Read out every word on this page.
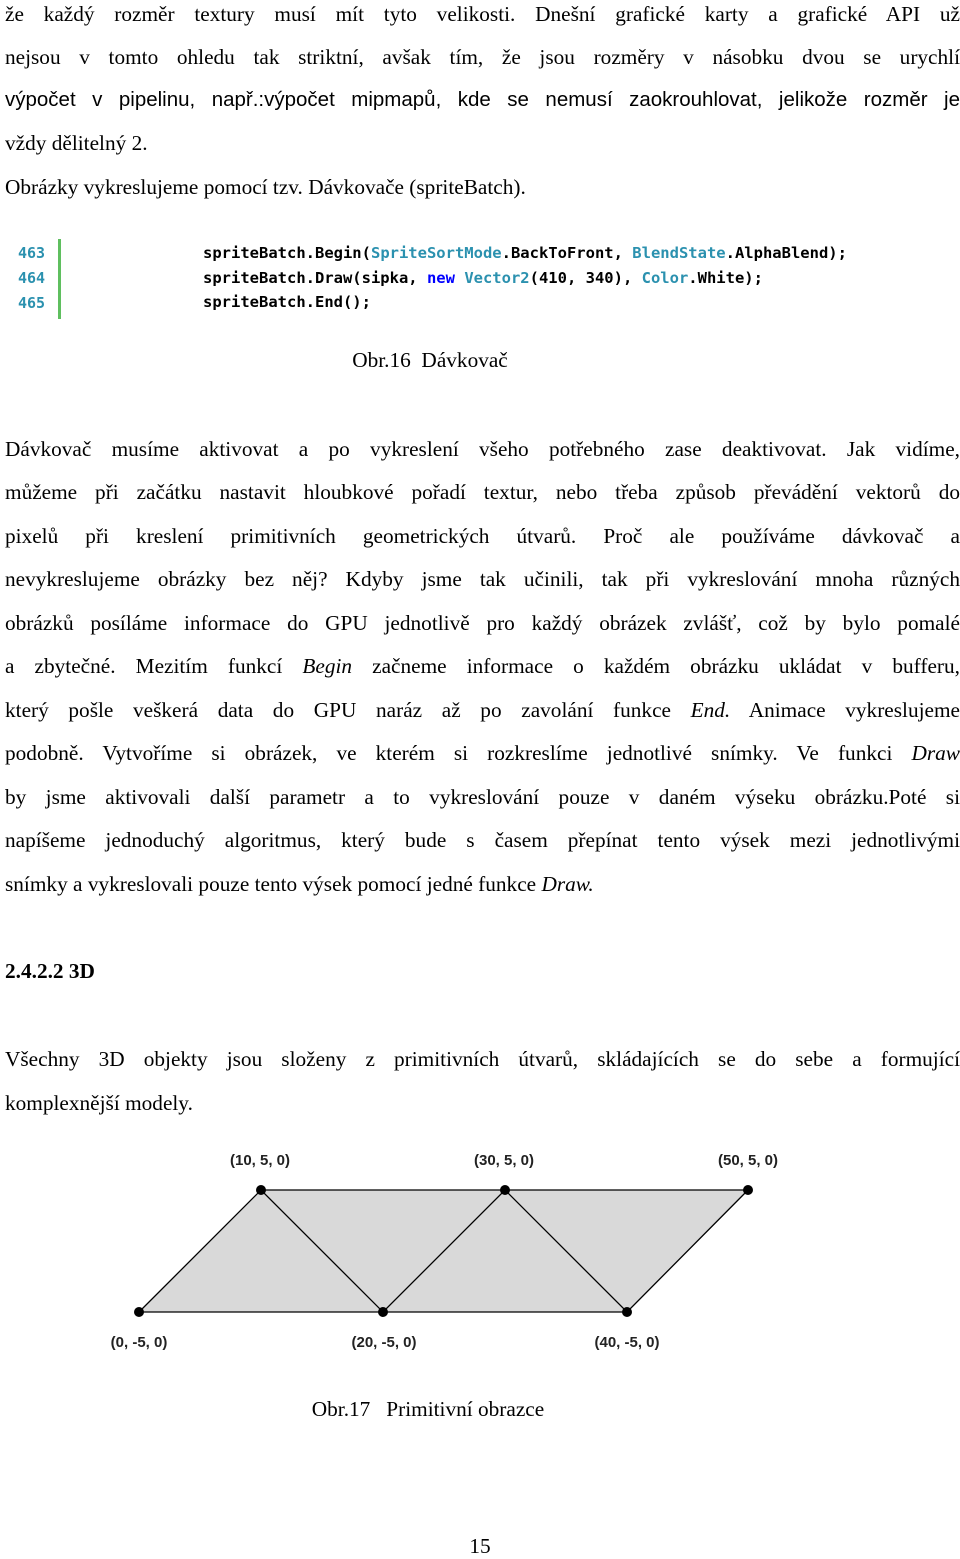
že každý rozměr textury musí mít tyto velikosti. Dnešní grafické karty a grafické API už
nejsou v tomto ohledu tak striktní, avšak tím, že jsou rozměry v násobku dvou se urychlí
výpočet v pipelinu, např.:výpočet mipmapů, kde se nemusí zaokrouhlovat, jelikože rozměr je
vždy dělitelný 2.
Obrázky vykreslujeme pomocí tzv. Dávkovače (spriteBatch).
463
464
465
spriteBatch.Begin(SpriteSortMode.BackToFront, BlendState.AlphaBlend);
spriteBatch.Draw(sipka, new Vector2(410, 340), Color.White);
spriteBatch.End();
Obr.16  Dávkovač
Dávkovač musíme aktivovat a po vykreslení všeho potřebného zase deaktivovat. Jak vidíme,
můžeme při začátku nastavit hloubkové pořadí textur, nebo třeba způsob převádění vektorů do
pixelů při kreslení primitivních geometrických útvarů. Proč ale používáme dávkovač a
nevykreslujeme obrázky bez něj? Kdyby jsme tak učinili, tak při vykreslování mnoha různých
obrázků posíláme informace do GPU jednotlivě pro každý obrázek zvlášť, což by bylo pomalé
a zbytečné. Mezitím funkcí Begin začneme informace o každém obrázku ukládat v bufferu,
který pošle veškerá data do GPU naráz až po zavolání funkce End. Animace vykreslujeme
podobně. Vytvoříme si obrázek, ve kterém si rozkreslíme jednotlivé snímky. Ve funkci Draw
by jsme aktivovali další parametr a to vykreslování pouze v daném výseku obrázku.Poté si
napíšeme jednoduchý algoritmus, který bude s časem přepínat tento výsek mezi jednotlivými
snímky a vykreslovali pouze tento výsek pomocí jedné funkce Draw.
2.4.2.2 3D
Všechny 3D objekty jsou složeny z primitivních útvarů, skládajících se do sebe a formující
komplexnější modely.
(10, 5, 0)	(30, 5, 0)	(50, 5, 0)
(0, -5, 0)	(20, -5, 0)	(40, -5, 0)
Obr.17   Primitivní obrazce
15
